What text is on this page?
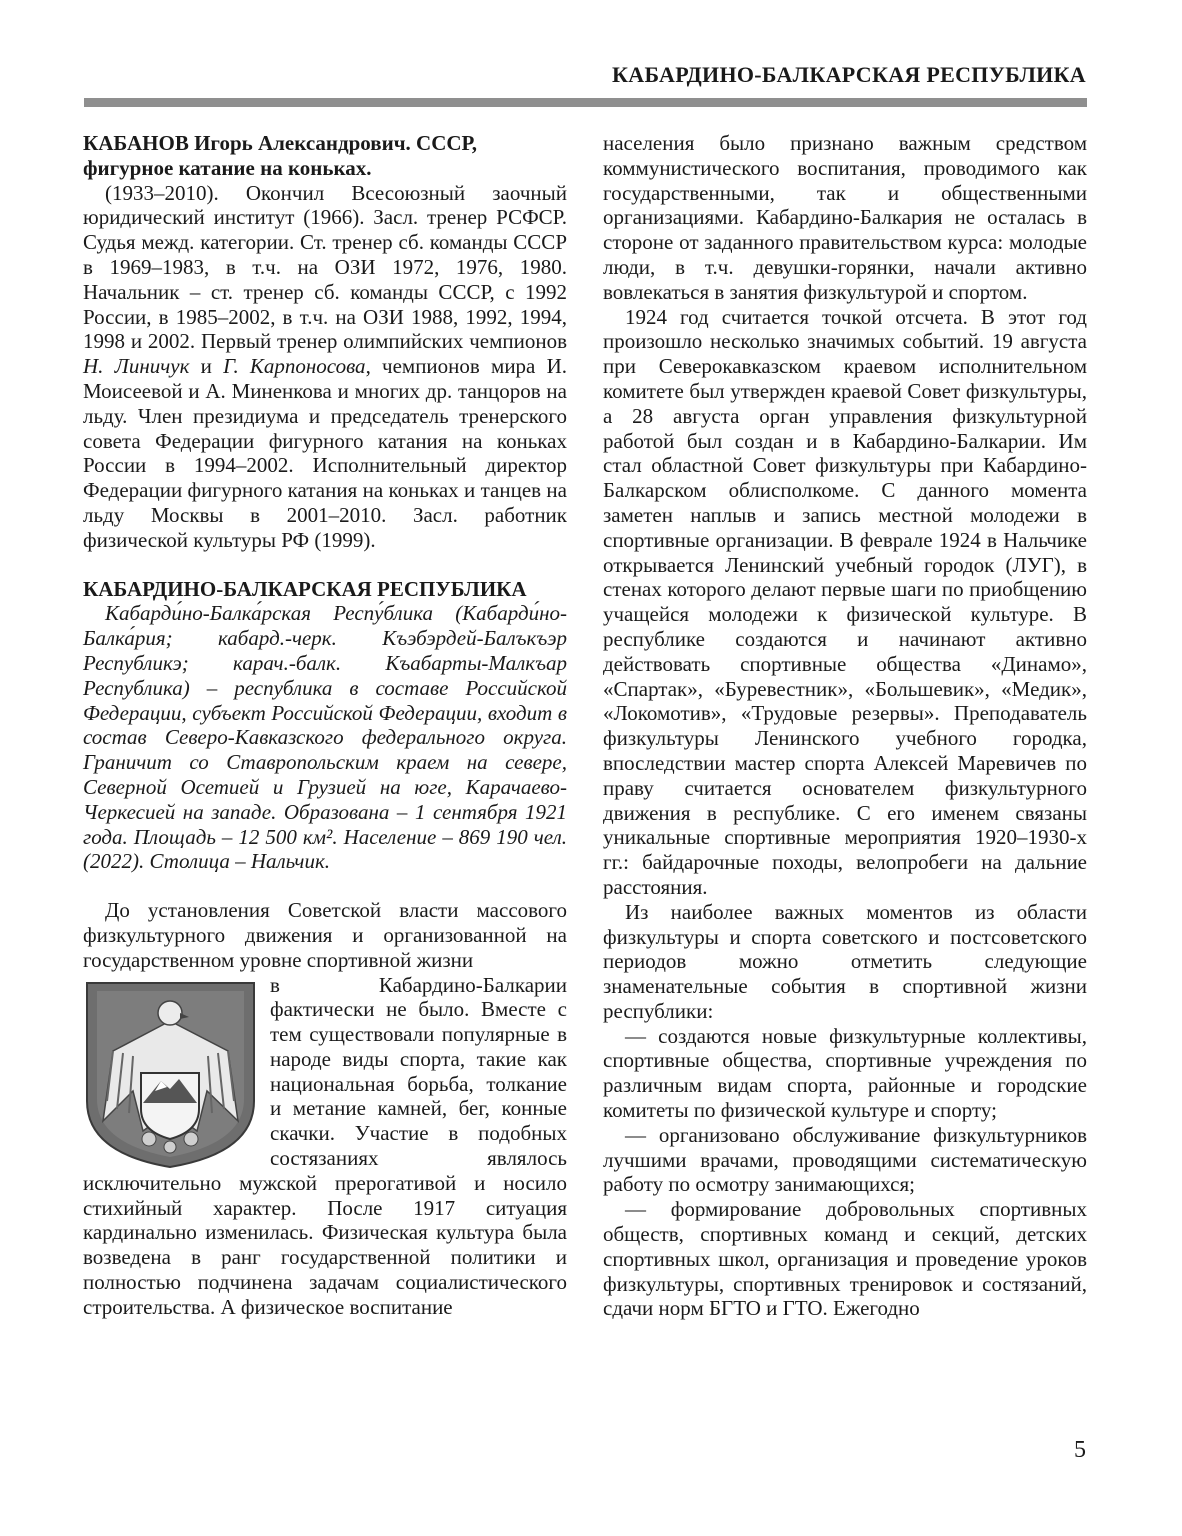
КАБАРДИНО-БАЛКАРСКАЯ РЕСПУБЛИКА

КАБАНОВ Игорь Александрович. СССР, фигурное катание на коньках.

(1933–2010). Окончил Всесоюзный заочный юридический институт (1966). Засл. тренер РСФСР. Судья межд. категории. Ст. тренер сб. команды СССР в 1969–1983, в т.ч. на ОЗИ 1972, 1976, 1980. Начальник – ст. тренер сб. команды СССР, с 1992 России, в 1985–2002, в т.ч. на ОЗИ 1988, 1992, 1994, 1998 и 2002. Первый тренер олимпийских чемпионов Н. Линичук и Г. Карпоносова, чемпионов мира И. Моисеевой и А. Миненкова и многих др. танцоров на льду. Член президиума и председатель тренерского совета Федерации фигурного катания на коньках России в 1994–2002. Исполнительный директор Федерации фигурного катания на коньках и танцев на льду Москвы в 2001–2010. Засл. работник физической культуры РФ (1999).

КАБАРДИНО-БАЛКАРСКАЯ РЕСПУБЛИКА

Кабарди́но-Балка́рская Респу́блика (Кабарди́но-Балка́рия; кабард.-черк. Къэбэрдей-Балъкъэр Республикэ; карач.-балк. Къабарты-Малкъар Республика) – республика в составе Российской Федерации, субъект Российской Федерации, входит в состав Северо-Кавказского федерального округа. Граничит со Ставропольским краем на севере, Северной Осетией и Грузией на юге, Карачаево-Черкесией на западе. Образована – 1 сентября 1921 года. Площадь – 12 500 км². Население – 869 190 чел. (2022). Столица – Нальчик.

До установления Советской власти массового физкультурного движения и организованной на государственном уровне спортивной жизни

в Кабардино-Балкарии фактически не было. Вместе с тем существовали популярные в народе виды спорта, такие как национальная борьба, толкание и метание камней, бег, конные скачки. Участие в подобных состязаниях являлось исключительно мужской прерогативой и носило стихийный характер. После 1917 ситуация кардинально изменилась. Физическая культура была возведена в ранг государственной политики и полностью подчинена задачам социалистического строительства. А физическое воспитание

населения было признано важным средством коммунистического воспитания, проводимого как государственными, так и общественными организациями. Кабардино-Балкария не осталась в стороне от заданного правительством курса: молодые люди, в т.ч. девушки-горянки, начали активно вовлекаться в занятия физкультурой и спортом.

1924 год считается точкой отсчета. В этот год произошло несколько значимых событий. 19 августа при Северокавказском краевом исполнительном комитете был утвержден краевой Совет физкультуры, а 28 августа орган управления физкультурной работой был создан и в Кабардино-Балкарии. Им стал областной Совет физкультуры при Кабардино-Балкарском облисполкоме. С данного момента заметен наплыв и запись местной молодежи в спортивные организации. В феврале 1924 в Нальчике открывается Ленинский учебный городок (ЛУГ), в стенах которого делают первые шаги по приобщению учащейся молодежи к физической культуре. В республике создаются и начинают активно действовать спортивные общества «Динамо», «Спартак», «Буревестник», «Большевик», «Медик», «Локомотив», «Трудовые резервы». Преподаватель физкультуры Ленинского учебного городка, впоследствии мастер спорта Алексей Маревичев по праву считается основателем физкультурного движения в республике. С его именем связаны уникальные спортивные мероприятия 1920–1930-х гг.: байдарочные походы, велопробеги на дальние расстояния.

Из наиболее важных моментов из области физкультуры и спорта советского и постсоветского периодов можно отметить следующие знаменательные события в спортивной жизни республики:

— создаются новые физкультурные коллективы, спортивные общества, спортивные учреждения по различным видам спорта, районные и городские комитеты по физической культуре и спорту;

— организовано обслуживание физкультурников лучшими врачами, проводящими систематическую работу по осмотру занимающихся;

— формирование добровольных спортивных обществ, спортивных команд и секций, детских спортивных школ, организация и проведение уроков физкультуры, спортивных тренировок и состязаний, сдачи норм БГТО и ГТО. Ежегодно

5
